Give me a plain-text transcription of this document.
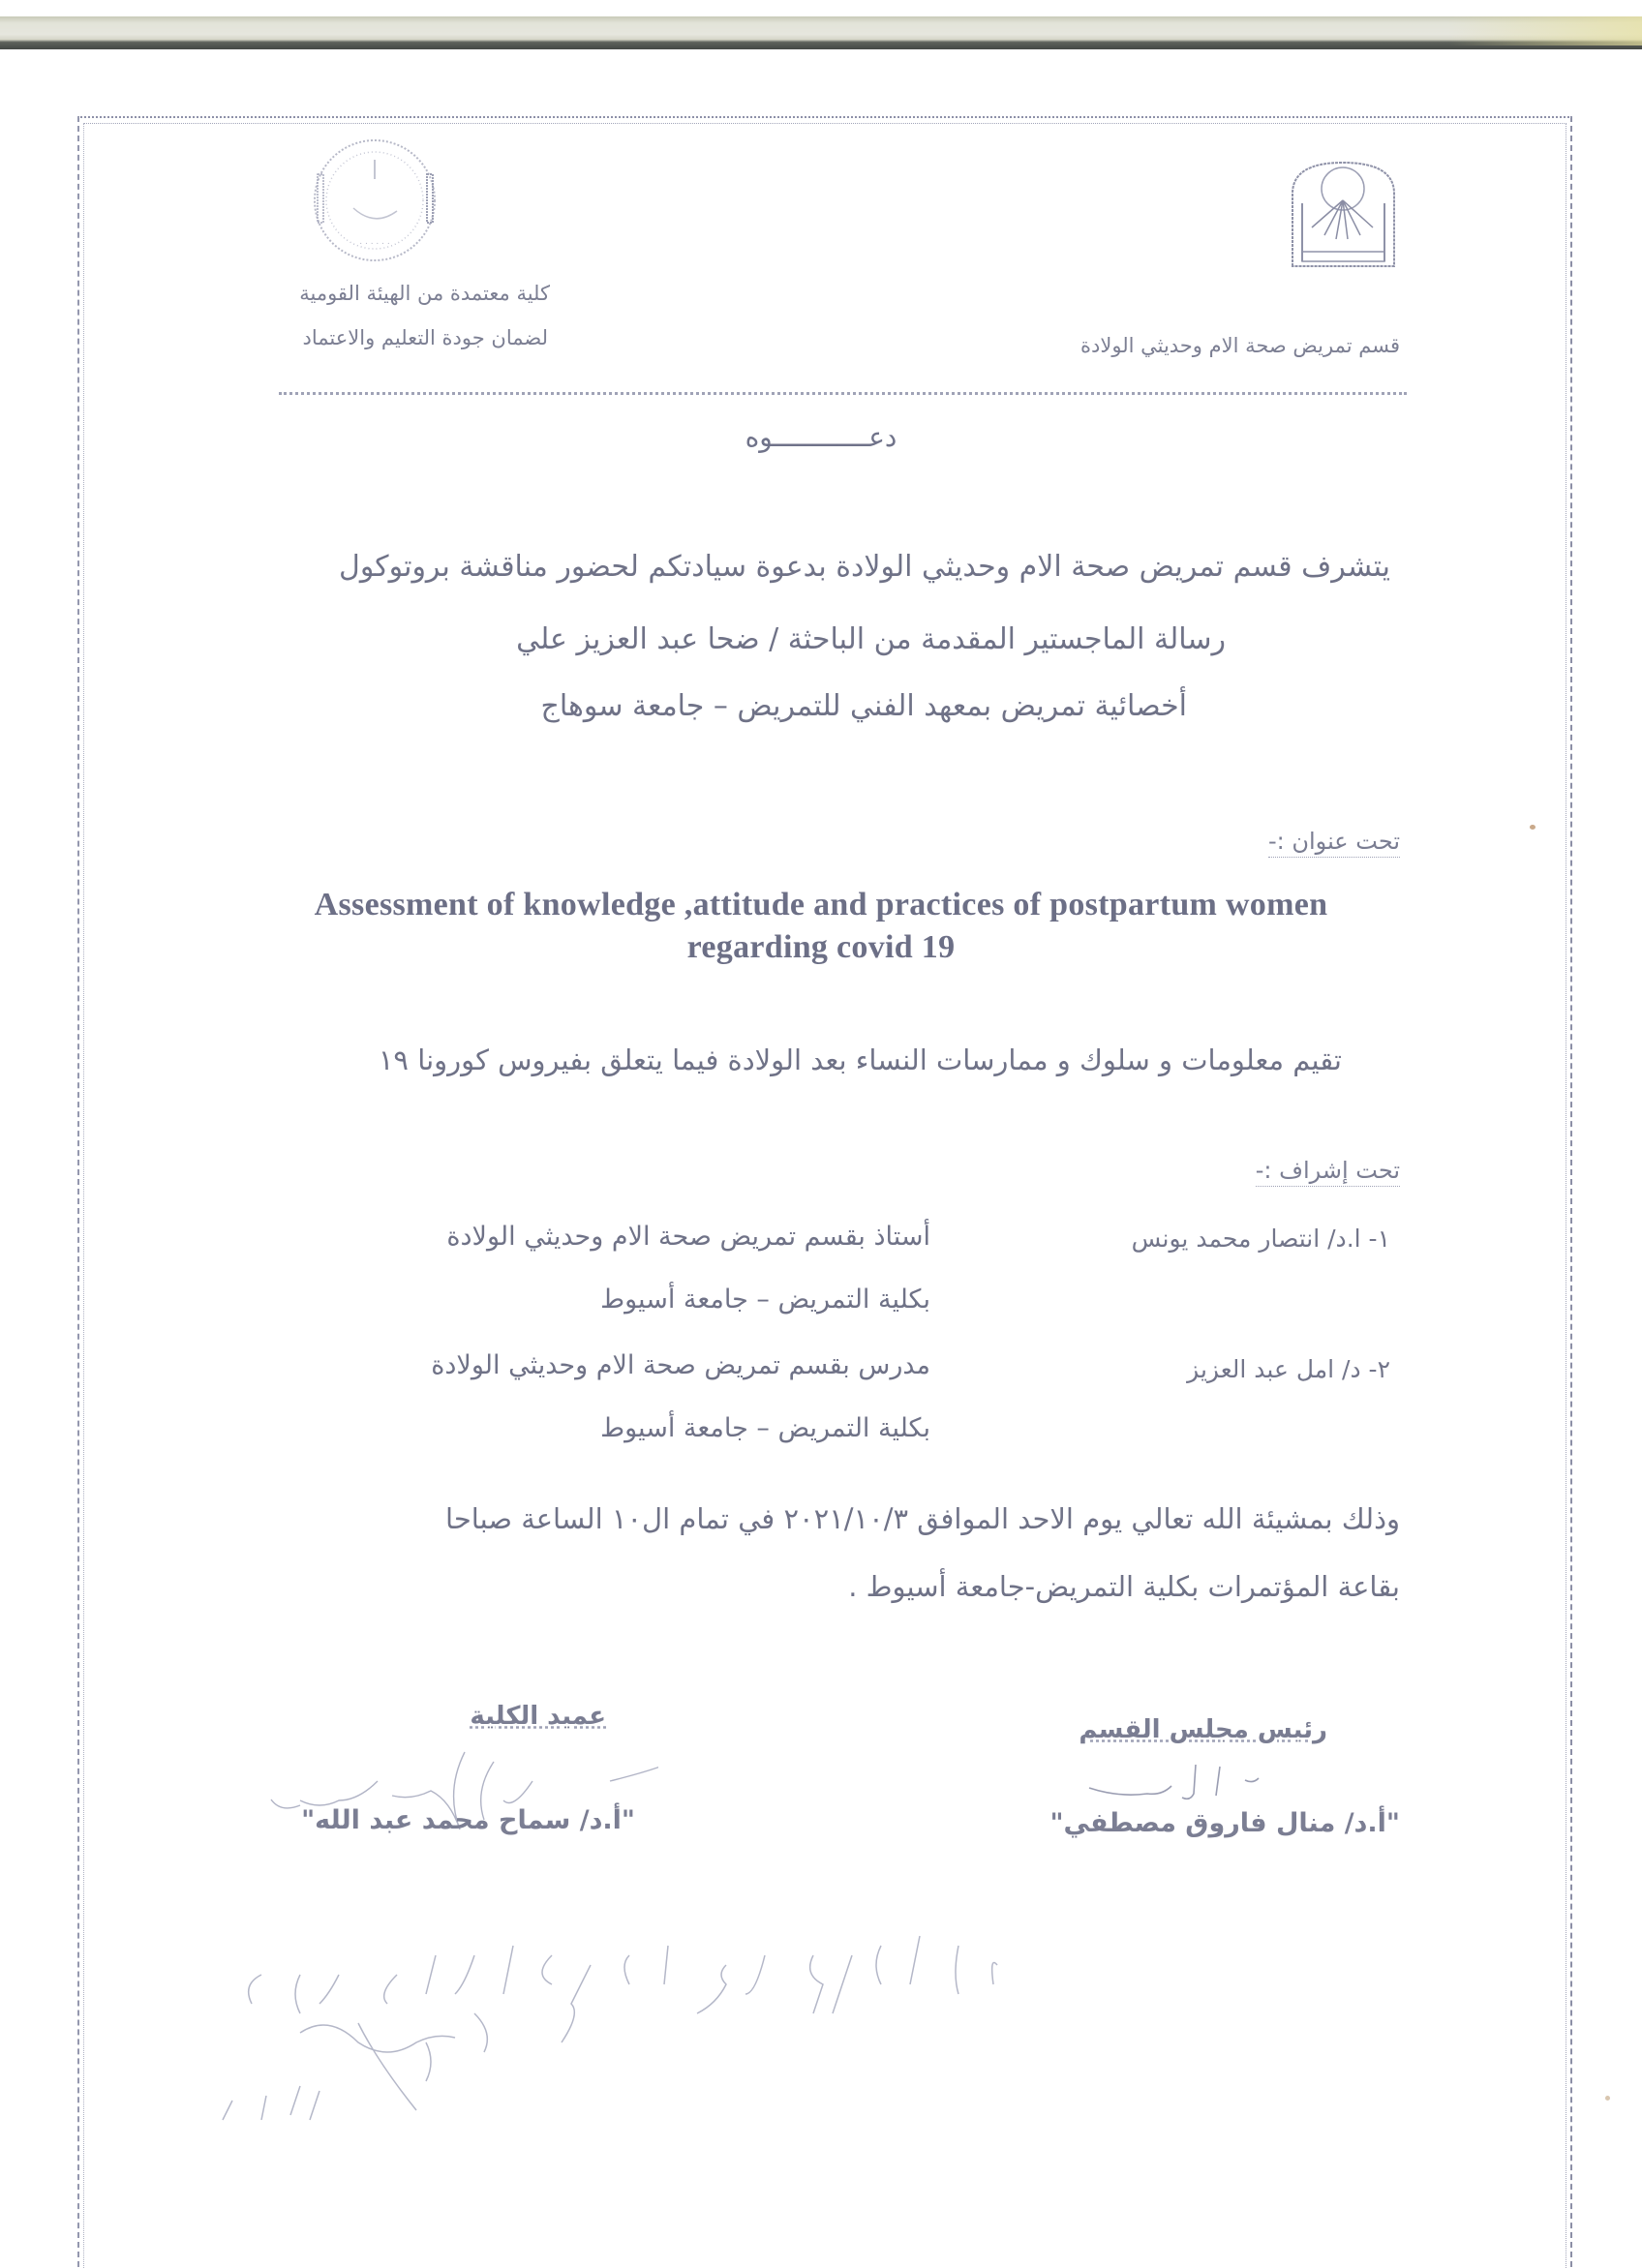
. . . . . .
كلية معتمدة من الهيئة القومية
لضمان جودة التعليم والاعتماد	قسم تمريض صحة الام وحديثي الولادة
دعــــــــــــوه
يتشرف قسم تمريض صحة الام وحديثي الولادة بدعوة سيادتكم لحضور مناقشة بروتوكول
رسالة الماجستير المقدمة من الباحثة / ضحا عبد العزيز علي
أخصائية تمريض بمعهد الفني للتمريض – جامعة سوهاج
تحت عنوان :-
Assessment of knowledge ,attitude and practices of postpartum women
regarding covid 19
تقيم معلومات و سلوك و ممارسات النساء بعد الولادة فيما يتعلق بفيروس كورونا ١٩
تحت إشراف :-
١- ا.د/ انتصار محمد يونس
أستاذ بقسم تمريض صحة الام وحديثي الولادة
بكلية التمريض – جامعة أسيوط
٢- د/ امل عبد العزيز
مدرس بقسم تمريض صحة الام وحديثي الولادة
بكلية التمريض – جامعة أسيوط
وذلك بمشيئة الله تعالي يوم الاحد الموافق ٢٠٢١/١٠/٣ في تمام ال١٠ الساعة صباحا
بقاعة المؤتمرات بكلية التمريض-جامعة أسيوط .
رئيس مجلس القسم
"أ.د/ منال فاروق مصطفي"
عميد الكلية
"أ.د/ سماح محمد عبد الله"
